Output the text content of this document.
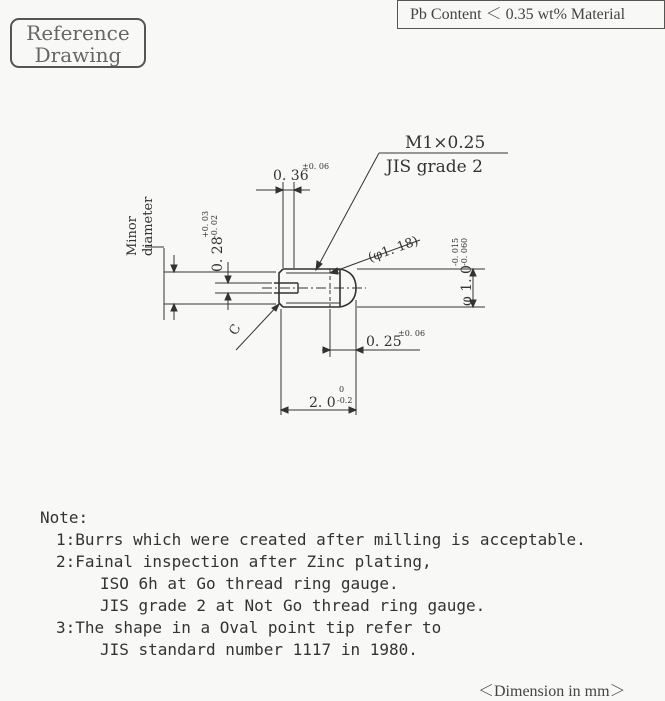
Reference
Drawing
Pb Content ＜ 0.35 wt% Material
M1×0.25
JIS grade 2
0. 36
±0. 06
Minor diameter	0. 28
+0. 03 -0. 02
(φ1. 18)
φ 1. 0
-0. 015 -0. 060
C
0. 25
±0. 06
2. 0
0
-0.2
Note:
1:Burrs which were created after milling is acceptable.
2:Fainal inspection after Zinc plating,
ISO 6h at Go thread ring gauge.
JIS grade 2 at Not Go thread ring gauge.
3:The shape in a Oval point tip refer to
JIS standard number 1117 in 1980.
＜Dimension in mm＞
